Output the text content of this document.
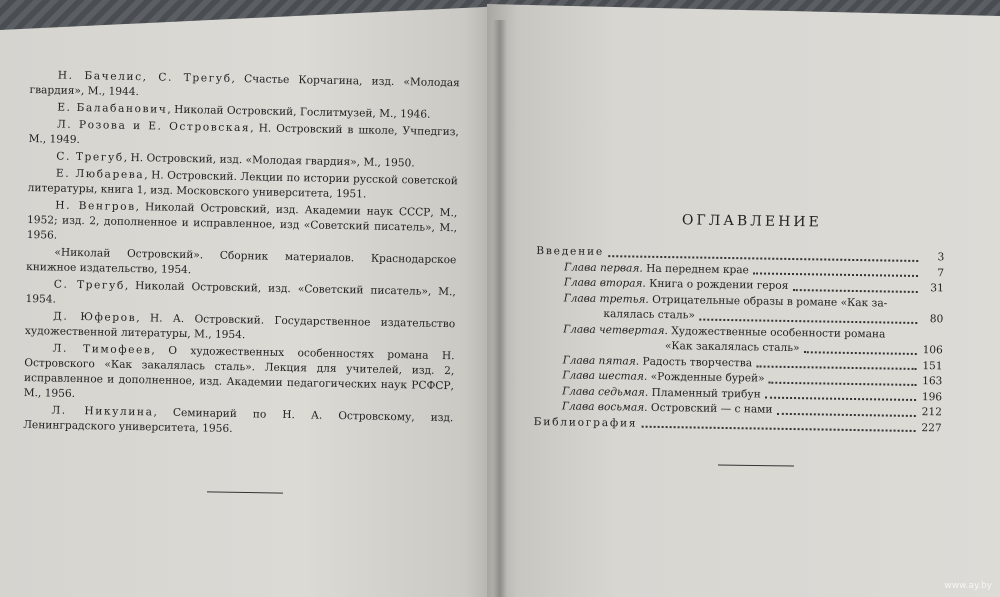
Н. Бачелис, С. Трегуб, Счастье Корчагина, изд. «Молодая гвардия», М., 1944.

Е. Балабанович, Николай Островский, Гослитмузей, М., 1946.

Л. Розова и Е. Островская, Н. Островский в школе, Учпедгиз, М., 1949.

С. Трегуб, Н. Островский, изд. «Молодая гвардия», М., 1950.

Е. Любарева, Н. Островский. Лекции по истории русской советской литературы, книга 1, изд. Московского университета, 1951.

Н. Венгров, Николай Островский, изд. Академии наук СССР, М., 1952; изд. 2, дополненное и исправленное, изд «Советский писатель», М., 1956.

«Николай Островский». Сборник материалов. Краснодарское книжное издательство, 1954.

С. Трегуб, Николай Островский, изд. «Советский писатель», М., 1954.

Д. Юферов, Н. А. Островский. Государственное издательство художественной литературы, М., 1954.

Л. Тимофеев, О художественных особенностях романа Н. Островского «Как закалялась сталь». Лекция для учителей, изд. 2, исправленное и дополненное, изд. Академии педагогических наук РСФСР, М., 1956.

Л. Никулина, Семинарий по Н. А. Островскому, изд. Ленинградского университета, 1956.

ОГЛАВЛЕНИЕ
Введение	3
Глава первая. На переднем крае	7
Глава вторая. Книга о рождении героя	31
Глава третья. Отрицательные образы в романе «Как за-
калялась сталь»	80
Глава четвертая. Художественные особенности романа
«Как закалялась сталь»	106
Глава пятая. Радость творчества	151
Глава шестая. «Рожденные бурей»	163
Глава седьмая. Пламенный трибун	196
Глава восьмая. Островский — с нами	212
Библиография	227
www.ay.by
